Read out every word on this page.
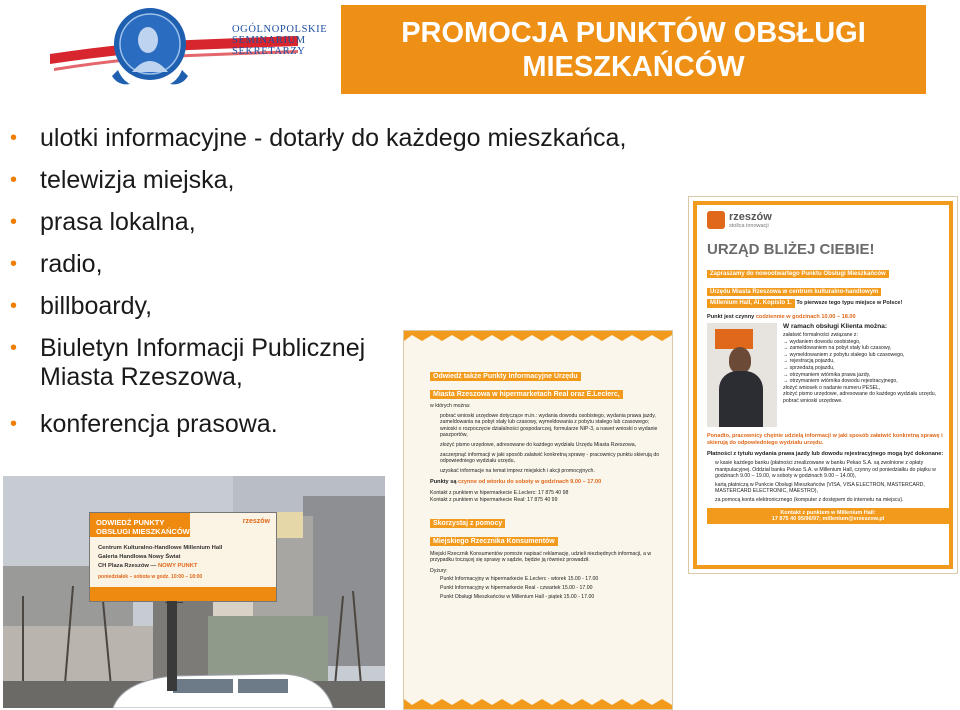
OGÓLNOPOLSKIE
SEMINARIUM
SEKRETARZY
PROMOCJA PUNKTÓW OBSŁUGI
MIESZKAŃCÓW
• ulotki informacyjne - dotarły do każdego mieszkańca,
• telewizja miejska,
• prasa lokalna,
• radio,
• billboardy,
• Biuletyn Informacji Publicznej Miasta Rzeszowa,
• konferencja prasowa.
ODWIEDŹ PUNKTY
OBSŁUGI MIESZKAŃCÓW
rzeszów
Centrum Kulturalno-Handlowe Millenium Hall
Galeria Handlowa Nowy Świat
CH Plaza Rzeszów — NOWY PUNKT
poniedziałek – sobota w godz. 10:00 – 18:00
Odwiedź także Punkty Informacyjne Urzędu
Miasta Rzeszowa w hipermarketach Real oraz E.Leclerc,
w których można:
pobrać wnioski urzędowe dotyczące m.in.: wydania dowodu osobistego, wydania prawa jazdy, zameldowania na pobyt stały lub czasowy, wymeldowania z pobytu stałego lub czasowego; wnioski o rozpoczęcie działalności gospodarczej, formularze NIP-3, a nawet wnioski o wydanie paszportów,
złożyć pismo urzędowe, adresowane do każdego wydziału Urzędu Miasta Rzeszowa,
zaczerpnąć informacji w jaki sposób załatwić konkretną sprawę - pracownicy punktu skierują do odpowiedniego wydziału urzędu,
uzyskać informacje na temat imprez miejskich i akcji promocyjnych.
Punkty są czynne od wtorku do soboty w godzinach 9.00 – 17.00
Kontakt z punktem w hipermarkecie E.Leclerc: 17 875 40 98
Kontakt z punktem w hipermarkecie Real: 17 875 40 99
Skorzystaj z pomocy
Miejskiego Rzecznika Konsumentów
Miejski Rzecznik Konsumentów pomoże napisać reklamację, udzieli niezbędnych informacji, a w przypadku toczącej się sprawy w sądzie, będzie ją również prowadził.
Dyżury:
Punkt Informacyjny w hipermarkecie E.Leclerc - wtorek 15.00 - 17.00
Punkt Informacyjny w hipermarkecie Real - czwartek 15.00 - 17.00
Punkt Obsługi Mieszkańców w Millenium Hall - piątek 15.00 - 17.00
rzeszów
stolica innowacji
URZĄD BLIŻEJ CIEBIE!
Zapraszamy do nowootwartego Punktu Obsługi Mieszkańców
Urzędu Miasta Rzeszowa w centrum kulturalno-handlowym

Millenium Hall, Al. Kopisto 1. To pierwsze tego typu miejsce w Polsce!
Punkt jest czynny codziennie w godzinach 10.00 – 18.00
W ramach obsługi Klienta można:
załatwić formalności związane z:
→ wydaniem dowodu osobistego,
→ zameldowaniem na pobyt stały lub czasowy,
→ wymeldowaniem z pobytu stałego lub czasowego,
→ rejestracją pojazdu,
→ sprzedażą pojazdu,
→ otrzymaniem wtórnika prawa jazdy,
→ otrzymaniem wtórnika dowodu rejestracyjnego,
złożyć wniosek o nadanie numeru PESEL,
złożyć pismo urzędowe, adresowane do każdego wydziału urzędu,
pobrać wnioski urzędowe.
Ponadto, pracownicy chętnie udzielą informacji w jaki sposób załatwić konkretną sprawę i skierują do odpowiedniego wydziału urzędu.
Płatności z tytułu wydania prawa jazdy lub dowodu rejestracyjnego mogą być dokonane:
w kasie każdego banku (płatności zrealizowane w banku Pekao S.A. są zwolnione z opłaty manipulacyjnej. Oddział banku Pekao S.A. w Millenium Hall, czynny od poniedziałku do piątku w godzinach 9.00 – 19.00, w soboty w godzinach 9.00 – 14.00),
kartą płatniczą w Punkcie Obsługi Mieszkańców (VISA, VISA ELECTRON, MASTERCARD, MASTERCARD ELECTRONIC, MAESTRO),
za pomocą konta elektronicznego (komputer z dostępem do internetu na miejscu).
Kontakt z punktem w Millenium Hall:
17 875 40 95/96/97; millenium@erzeszow.pl
